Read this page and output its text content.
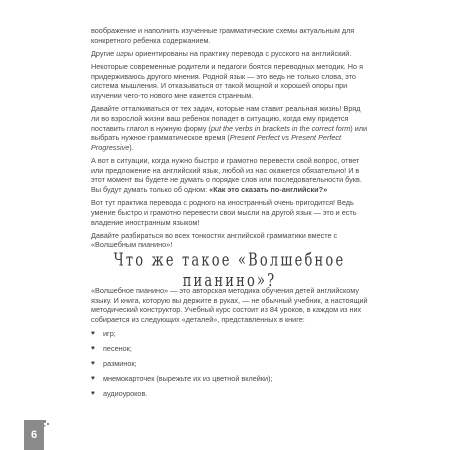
воображение и наполнить изученные грамматические схемы актуальным для конкретного ребенка содержанием.

Другие игры ориентированы на практику перевода с русского на английский.

Некоторые современные родители и педагоги боятся переводных методик. Но я придерживаюсь другого мнения. Родной язык — это ведь не только слова, это система мышления. И отказываться от такой мощной и хорошей опоры при изучении чего-то нового мне кажется странным.

Давайте отталкиваться от тех задач, которые нам ставит реальная жизнь! Вряд ли во взрослой жизни ваш ребенок попадет в ситуацию, когда ему придется поставить глагол в нужную форму (put the verbs in brackets in the correct form) или выбрать нужное грамматическое время (Present Perfect vs Present Perfect Progressive).

А вот в ситуации, когда нужно быстро и грамотно перевести свой вопрос, ответ или предложение на английский язык, любой из нас окажется обязательно! И в этот момент вы будете не думать о порядке слов или последовательности букв. Вы будут думать только об одном: «Как это сказать по-английски?»

Вот тут практика перевода с родного на иностранный очень пригодится! Ведь умение быстро и грамотно перевести свои мысли на другой язык — это и есть владение иностранным языком!

Давайте разбираться во всех тонкостях английской грамматики вместе с «Волшебным пианино»!

Что же такое «Волшебное пианино»?

«Волшебное пианино» — это авторская методика обучения детей английскому языку. И книга, которую вы держите в руках, — не обычный учебник, а настоящий методический конструктор. Учебный курс состоит из 84 уроков, в каждом из них собирается из следующих «деталей», представленных в книге:

♥ игр;
♥ песенок;
♥ разминок;
♥ мнемокарточек (вырежьте их из цветной вклейки);
♥ аудиоуроков.
6
